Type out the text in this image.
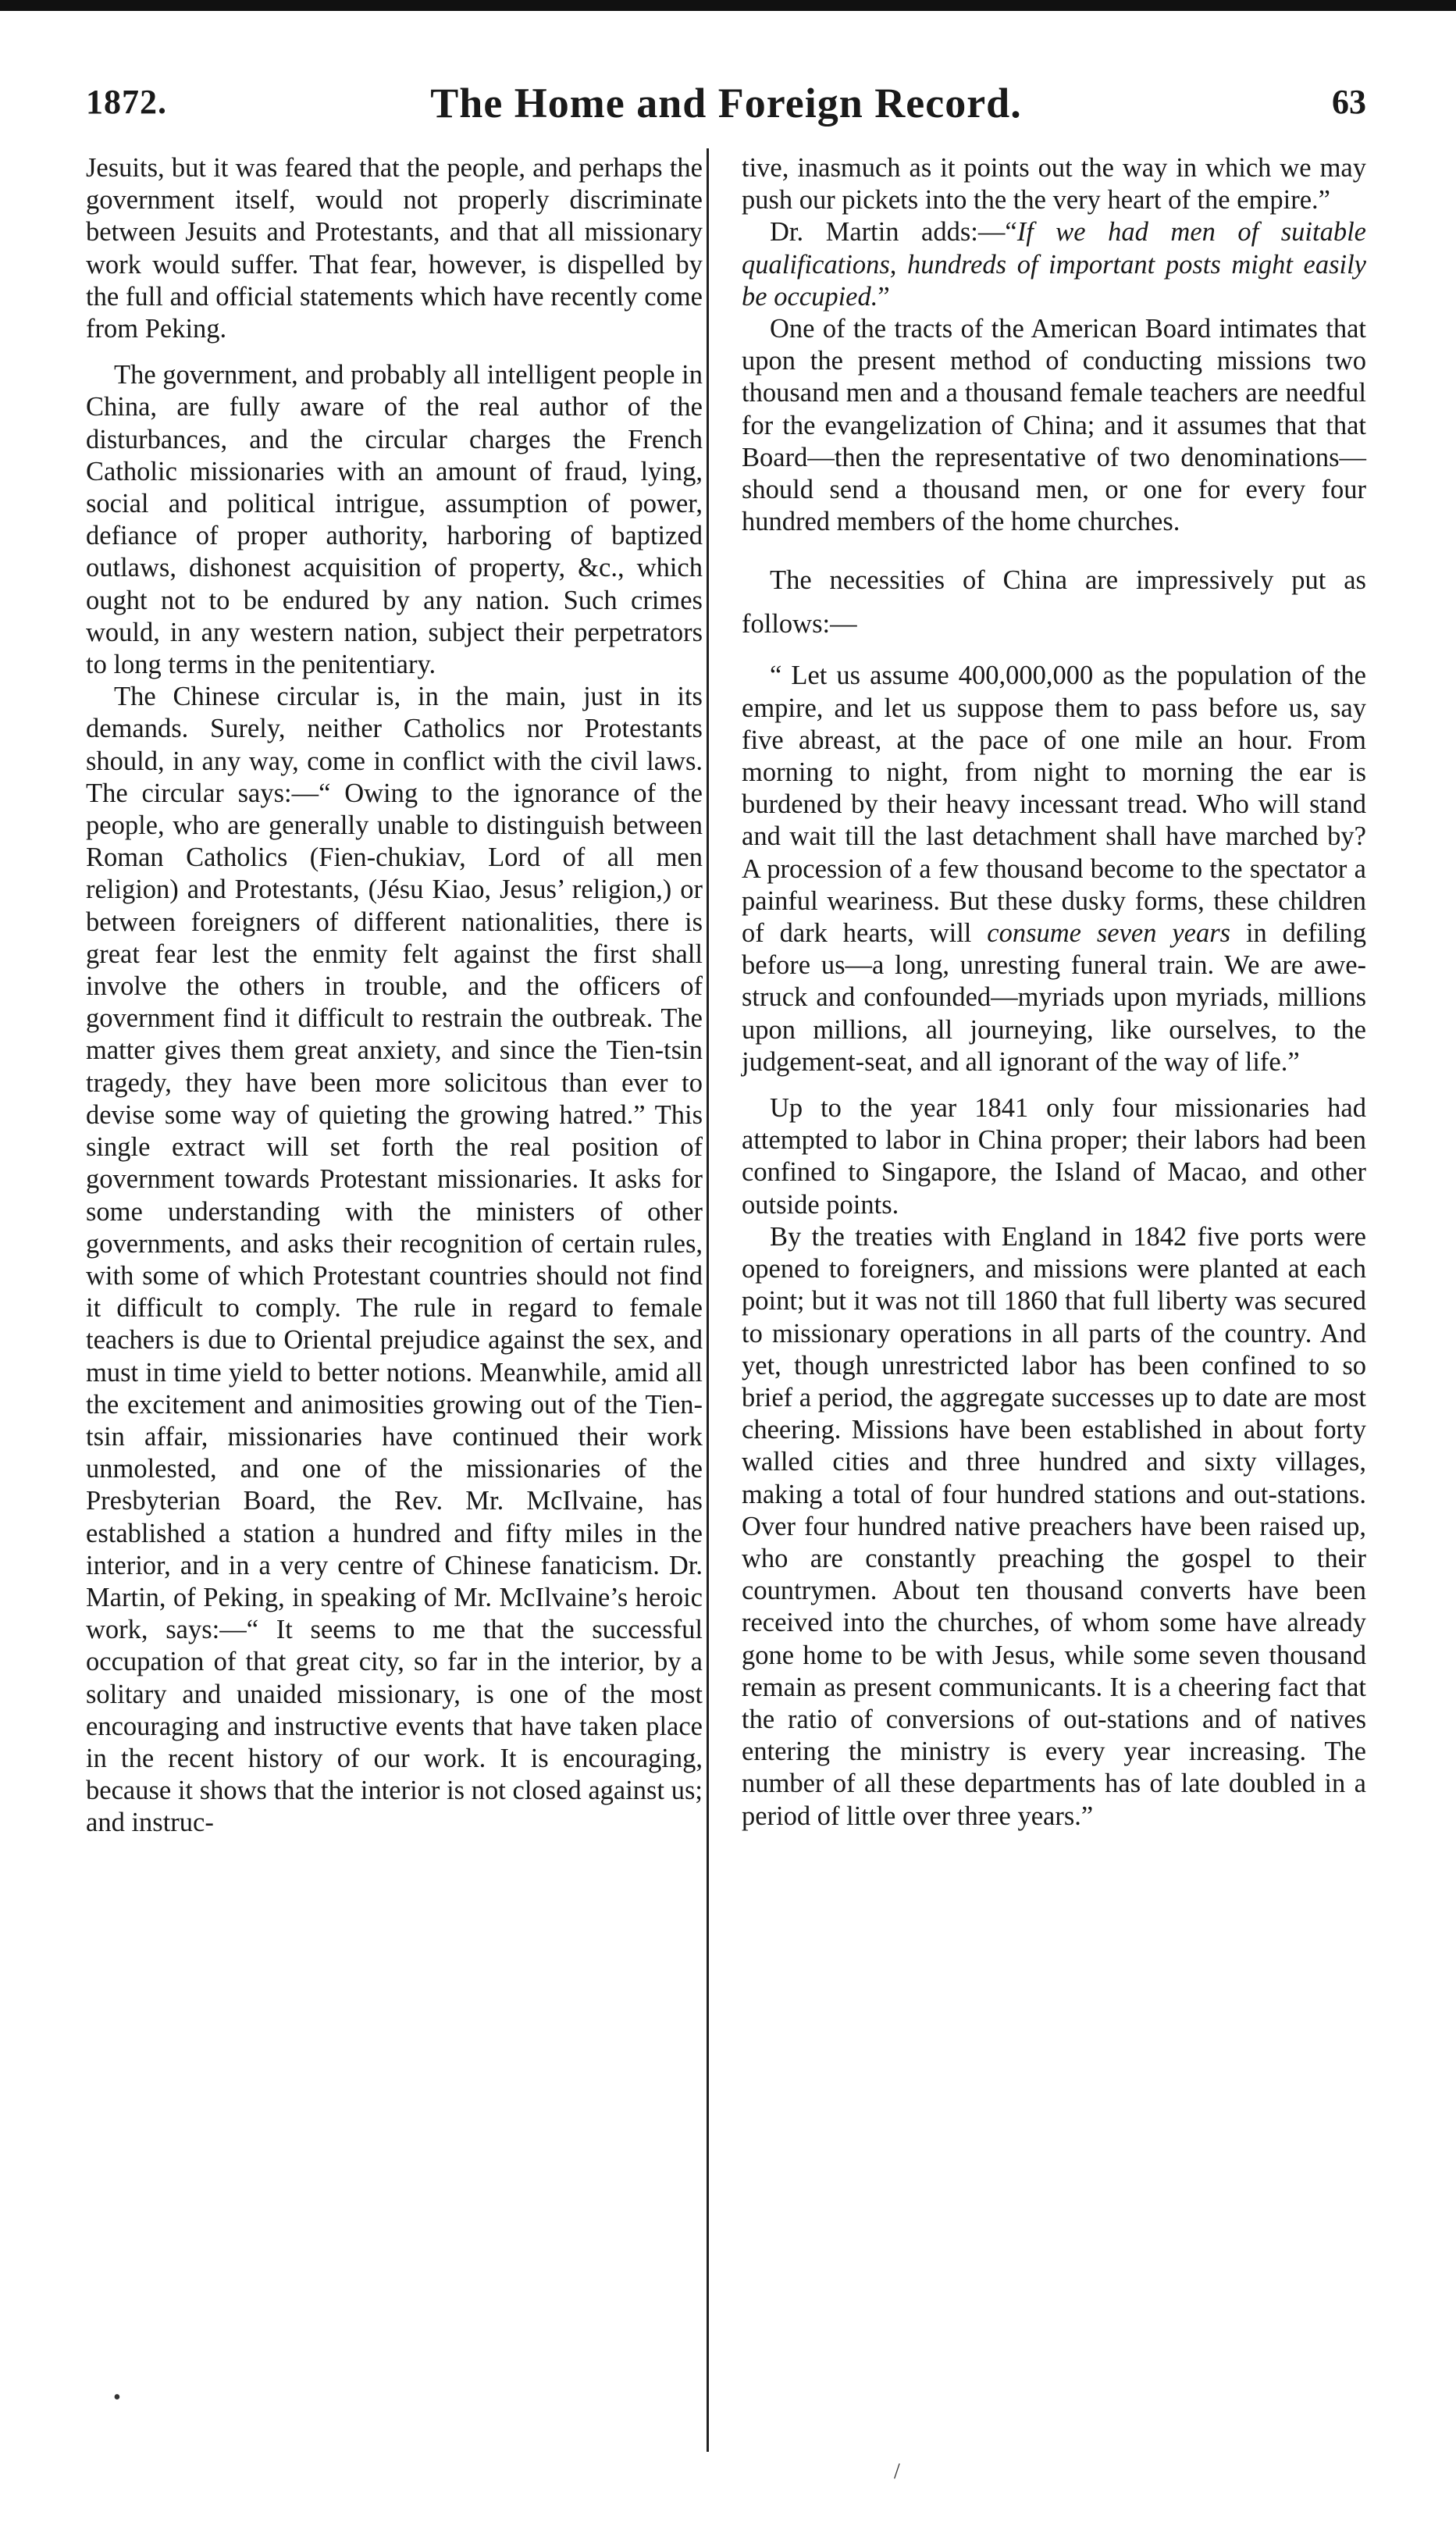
1872.	The Home and Foreign Record.	63

Jesuits, but it was feared that the people, and perhaps the government itself, would not properly discriminate between Jesuits and Protestants, and that all missionary work would suffer. That fear, however, is dispelled by the full and official statements which have recently come from Peking.

The government, and probably all intelligent people in China, are fully aware of the real author of the disturbances, and the circular charges the French Catholic missionaries with an amount of fraud, lying, social and political intrigue, assumption of power, defiance of proper authority, harboring of baptized outlaws, dishonest acquisition of property, &c., which ought not to be endured by any nation. Such crimes would, in any western nation, subject their perpetrators to long terms in the penitentiary.

The Chinese circular is, in the main, just in its demands. Surely, neither Catholics nor Protestants should, in any way, come in conflict with the civil laws. The circular says:—“ Owing to the ignorance of the people, who are generally unable to distinguish between Roman Catholics (Fien-chukiav, Lord of all men religion) and Protestants, (Jésu Kiao, Jesus’ religion,) or between foreigners of different nationalities, there is great fear lest the enmity felt against the first shall involve the others in trouble, and the officers of government find it difficult to restrain the outbreak. The matter gives them great anxiety, and since the Tien-tsin tragedy, they have been more solicitous than ever to devise some way of quieting the growing hatred.” This single extract will set forth the real position of government towards Protestant missionaries. It asks for some understanding with the ministers of other governments, and asks their recognition of certain rules, with some of which Protestant countries should not find it difficult to comply. The rule in regard to female teachers is due to Oriental prejudice against the sex, and must in time yield to better notions. Meanwhile, amid all the excitement and animosities growing out of the Tien-tsin affair, missionaries have continued their work unmolested, and one of the missionaries of the Presbyterian Board, the Rev. Mr. McIlvaine, has established a station a hundred and fifty miles in the interior, and in a very centre of Chinese fanaticism. Dr. Martin, of Peking, in speaking of Mr. McIlvaine’s heroic work, says:—“ It seems to me that the successful occupation of that great city, so far in the interior, by a solitary and unaided missionary, is one of the most encouraging and instructive events that have taken place in the recent history of our work. It is encouraging, because it shows that the interior is not closed against us; and instruc-

tive, inasmuch as it points out the way in which we may push our pickets into the the very heart of the empire.”

Dr. Martin adds:—“If we had men of suitable qualifications, hundreds of important posts might easily be occupied.”

One of the tracts of the American Board intimates that upon the present method of conducting missions two thousand men and a thousand female teachers are needful for the evangelization of China; and it assumes that that Board—then the representative of two denominations—should send a thousand men, or one for every four hundred members of the home churches.

The necessities of China are impressively put as follows:—

“ Let us assume 400,000,000 as the population of the empire, and let us suppose them to pass before us, say five abreast, at the pace of one mile an hour. From morning to night, from night to morning the ear is burdened by their heavy incessant tread. Who will stand and wait till the last detachment shall have marched by? A procession of a few thousand become to the spectator a painful weariness. But these dusky forms, these children of dark hearts, will consume seven years in defiling before us—a long, unresting funeral train. We are awe-struck and confounded—myriads upon myriads, millions upon millions, all journeying, like ourselves, to the judgement-seat, and all ignorant of the way of life.”

Up to the year 1841 only four missionaries had attempted to labor in China proper; their labors had been confined to Singapore, the Island of Macao, and other outside points.

By the treaties with England in 1842 five ports were opened to foreigners, and missions were planted at each point; but it was not till 1860 that full liberty was secured to missionary operations in all parts of the country. And yet, though unrestricted labor has been confined to so brief a period, the aggregate successes up to date are most cheering. Missions have been established in about forty walled cities and three hundred and sixty villages, making a total of four hundred stations and out-stations. Over four hundred native preachers have been raised up, who are constantly preaching the gospel to their countrymen. About ten thousand converts have been received into the churches, of whom some have already gone home to be with Jesus, while some seven thousand remain as present communicants. It is a cheering fact that the ratio of conversions of out-stations and of natives entering the ministry is every year increasing. The number of all these departments has of late doubled in a period of little over three years.”

•
/
